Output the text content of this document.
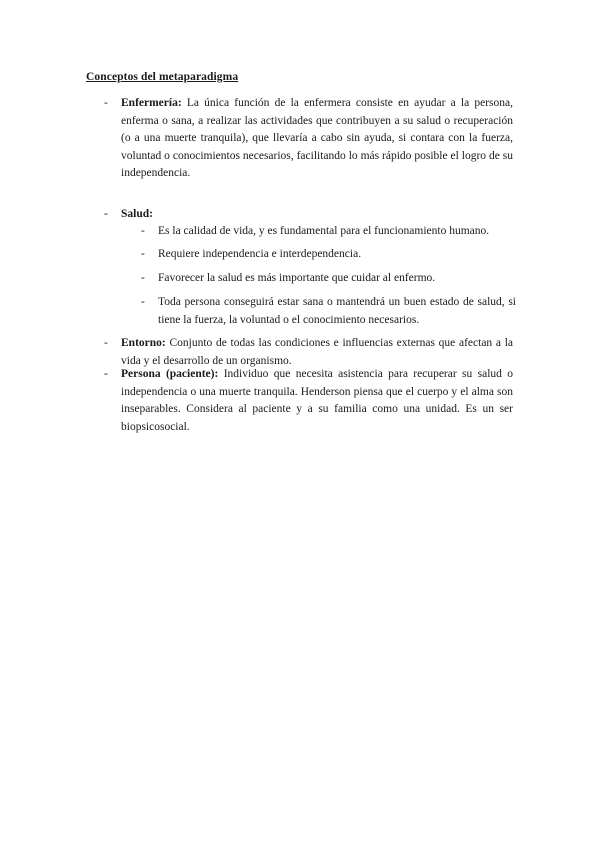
Conceptos del metaparadigma
- Enfermería: La única función de la enfermera consiste en ayudar a la persona, enferma o sana, a realizar las actividades que contribuyen a su salud o recuperación (o a una muerte tranquila), que llevaría a cabo sin ayuda, si contara con la fuerza, voluntad o conocimientos necesarios, facilitando lo más rápido posible el logro de su independencia.
- Salud:
- Es la calidad de vida, y es fundamental para el funcionamiento humano.
- Requiere independencia e interdependencia.
- Favorecer la salud es más importante que cuidar al enfermo.
- Toda persona conseguirá estar sana o mantendrá un buen estado de salud, si tiene la fuerza, la voluntad o el conocimiento necesarios.
- Entorno: Conjunto de todas las condiciones e influencias externas que afectan a la vida y el desarrollo de un organismo.
- Persona (paciente): Individuo que necesita asistencia para recuperar su salud o independencia o una muerte tranquila. Henderson piensa que el cuerpo y el alma son inseparables. Considera al paciente y a su familia como una unidad. Es un ser biopsicosocial.
